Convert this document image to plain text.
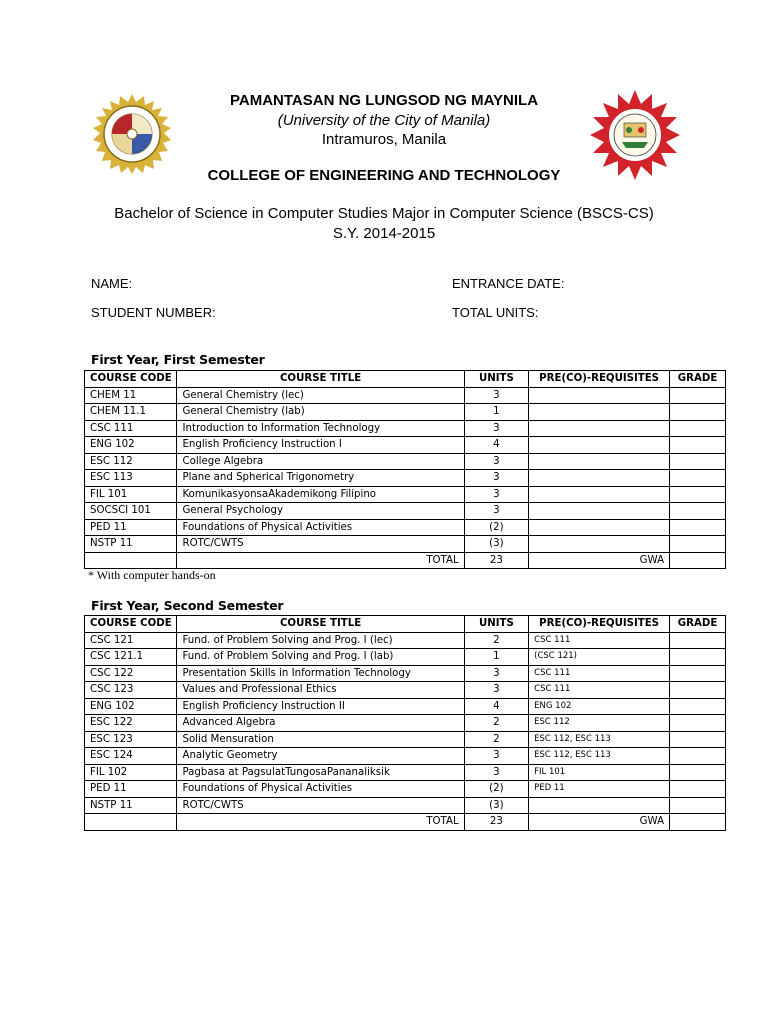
PAMANTASAN NG LUNGSOD NG MAYNILA
(University of the City of Manila)
Intramuros, Manila
COLLEGE OF ENGINEERING AND TECHNOLOGY
Bachelor of Science in Computer Studies Major in Computer Science (BSCS-CS)
S.Y. 2014-2015
NAME:	ENTRANCE DATE:
STUDENT NUMBER:	TOTAL UNITS:
First Year, First Semester
COURSE CODE	COURSE TITLE	UNITS	PRE(CO)-REQUISITES	GRADE
CHEM 11	General Chemistry (lec)	3		
CHEM 11.1	General Chemistry (lab)	1		
CSC 111	Introduction to Information Technology	3		
ENG 102	English Proficiency Instruction I	4		
ESC 112	College Algebra	3		
ESC 113	Plane and Spherical Trigonometry	3		
FIL 101	KomunikasyonsaAkademikong Filipino	3		
SOCSCI 101	General Psychology	3		
PED 11	Foundations of Physical Activities	(2)		
NSTP 11	ROTC/CWTS	(3)		
	TOTAL	23	GWA	
* With computer hands-on
First Year, Second Semester
COURSE CODE	COURSE TITLE	UNITS	PRE(CO)-REQUISITES	GRADE
CSC 121	Fund. of Problem Solving and Prog. I (lec)	2	CSC 111	
CSC 121.1	Fund. of Problem Solving and Prog. I (lab)	1	(CSC 121)	
CSC 122	Presentation Skills in Information Technology	3	CSC 111	
CSC 123	Values and Professional Ethics	3	CSC 111	
ENG 102	English Proficiency Instruction II	4	ENG 102	
ESC 122	Advanced Algebra	2	ESC 112	
ESC 123	Solid Mensuration	2	ESC 112, ESC 113	
ESC 124	Analytic Geometry	3	ESC 112, ESC 113	
FIL 102	Pagbasa at PagsulatTungosaPananaliksik	3	FIL 101	
PED 11	Foundations of Physical Activities	(2)	PED 11	
NSTP 11	ROTC/CWTS	(3)		
	TOTAL	23	GWA	
